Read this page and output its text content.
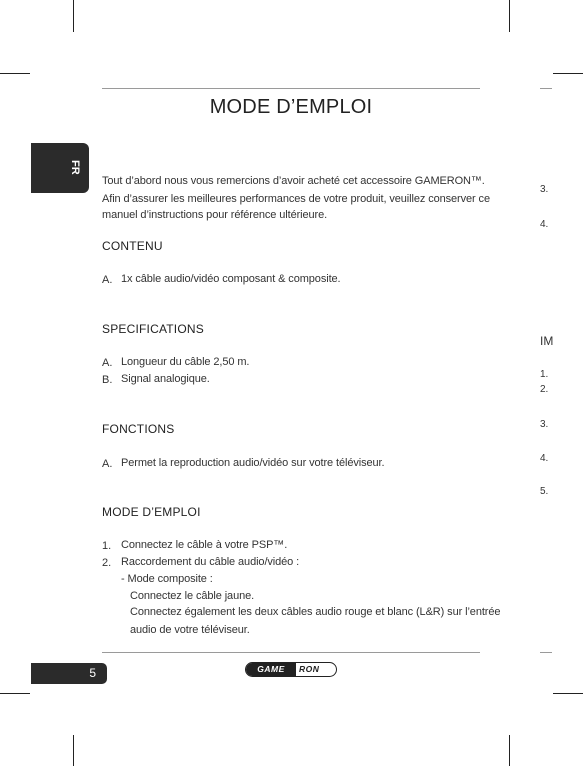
FR
MODE D’EMPLOI
Tout d’abord nous vous remercions d’avoir acheté cet accessoire GAMERON™.
Afin d’assurer les meilleures performances de votre produit, veuillez conserver ce
manuel d’instructions pour référence ultérieure.
CONTENU
A. 1x câble audio/vidéo composant & composite.
SPECIFICATIONS
A. Longueur du câble 2,50 m.
B. Signal analogique.
FONCTIONS
A. Permet la reproduction audio/vidéo sur votre téléviseur.
MODE D’EMPLOI
1. Connectez le câble à votre PSP™.
2. Raccordement du câble audio/vidéo :
- Mode composite :
Connectez le câble jaune.
Connectez également les deux câbles audio rouge et blanc (L&R) sur l’entrée
audio de votre téléviseur.
3.
4.
IM
1.
2.
3.
4.
5.
5	GAME	RON
